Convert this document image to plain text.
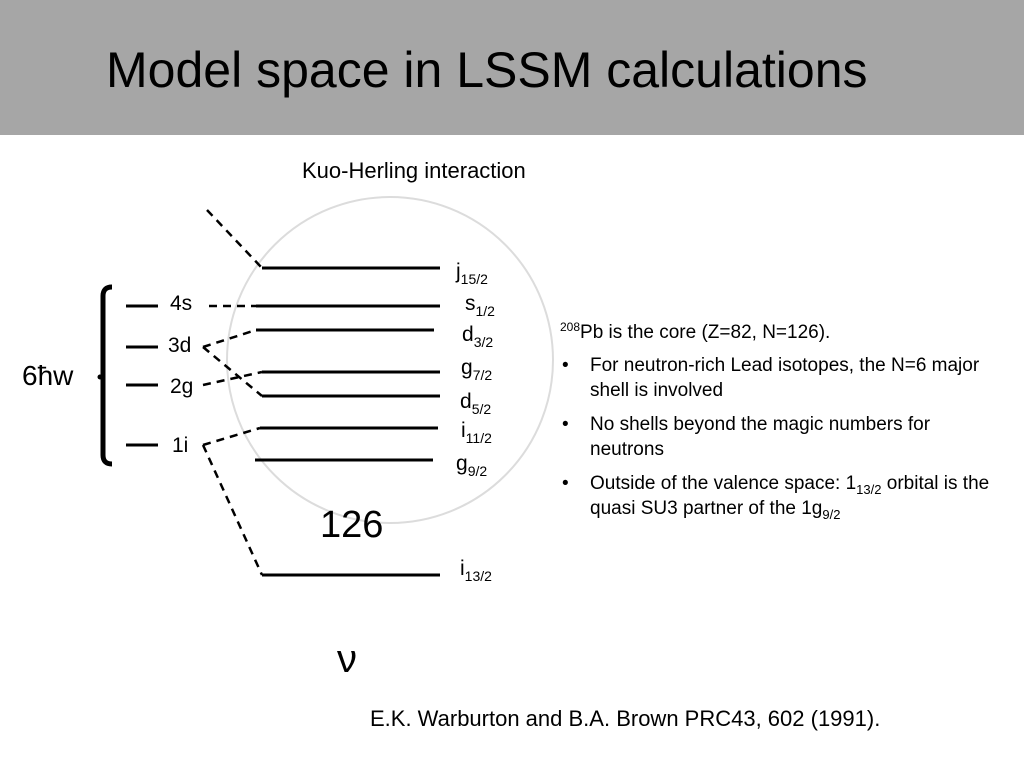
Model space in LSSM calculations
Kuo-Herling interaction
$j_{15/2}$
$s_{1/2}$
$d_{3/2}$
$g_{7/2}$
$d_{5/2}$
$i_{11/2}$
$g_{9/2}$
$i_{13/2}$
4s
3d
2g
1i
6ħw
126
ν
$^{208}$Pb is the core (Z=82, N=126).
• For neutron-rich Lead isotopes, the N=6 major shell is involved
• No shells beyond the magic numbers for neutrons
• Outside of the valence space: $1_{13/2}$ orbital is the quasi SU3 partner of the $1g_{9/2}$
E.K. Warburton and B.A. Brown PRC43, 602 (1991).
